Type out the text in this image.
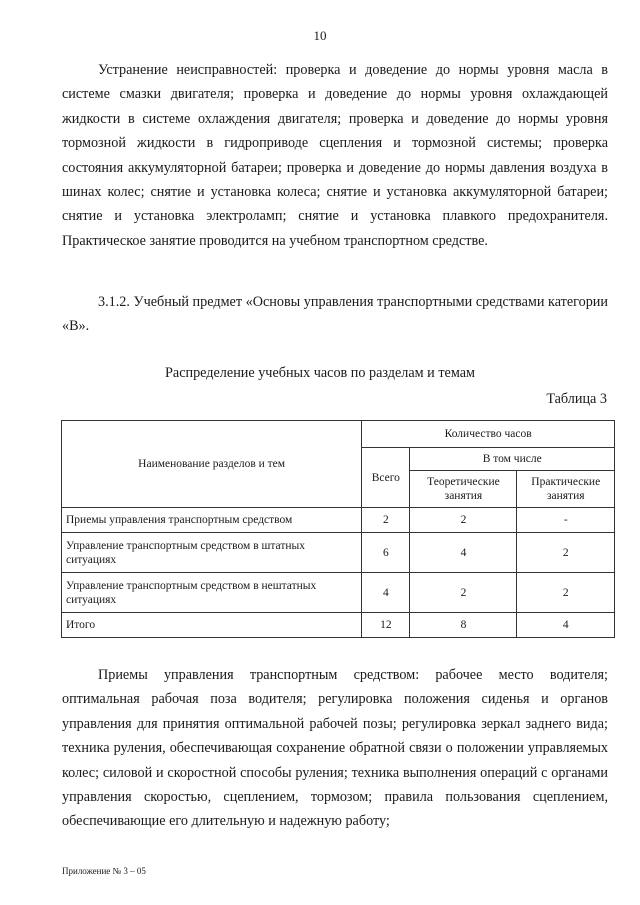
10

Устранение неисправностей: проверка и доведение до нормы уровня масла в системе смазки двигателя; проверка и доведение до нормы уровня охлаждающей жидкости в системе охлаждения двигателя; проверка и доведение до нормы уровня тормозной жидкости в гидроприводе сцепления и тормозной системы; проверка состояния аккумуляторной батареи; проверка и доведение до нормы давления воздуха в шинах колес; снятие и установка колеса; снятие и установка аккумуляторной батареи; снятие и установка электроламп; снятие и установка плавкого предохранителя. Практическое занятие проводится на учебном транспортном средстве.

3.1.2. Учебный предмет «Основы управления транспортными средствами категории «В».

Распределение учебных часов по разделам и темам
Таблица 3
Наименование разделов и тем	Количество часов		
	Всего	В том числе	
		Теоретические занятия	Практические занятия
Приемы управления транспортным средством	2	2	-
Управление транспортным средством в штатных ситуациях	6	4	2
Управление транспортным средством в нештатных ситуациях	4	2	2
Итого	12	8	4

Приемы управления транспортным средством: рабочее место водителя; оптимальная рабочая поза водителя; регулировка положения сиденья и органов управления для принятия оптимальной рабочей позы; регулировка зеркал заднего вида; техника руления, обеспечивающая сохранение обратной связи о положении управляемых колес; силовой и скоростной способы руления; техника выполнения операций с органами управления скоростью, сцеплением, тормозом; правила пользования сцеплением, обеспечивающие его длительную и надежную работу;

Приложение № 3 – 05
